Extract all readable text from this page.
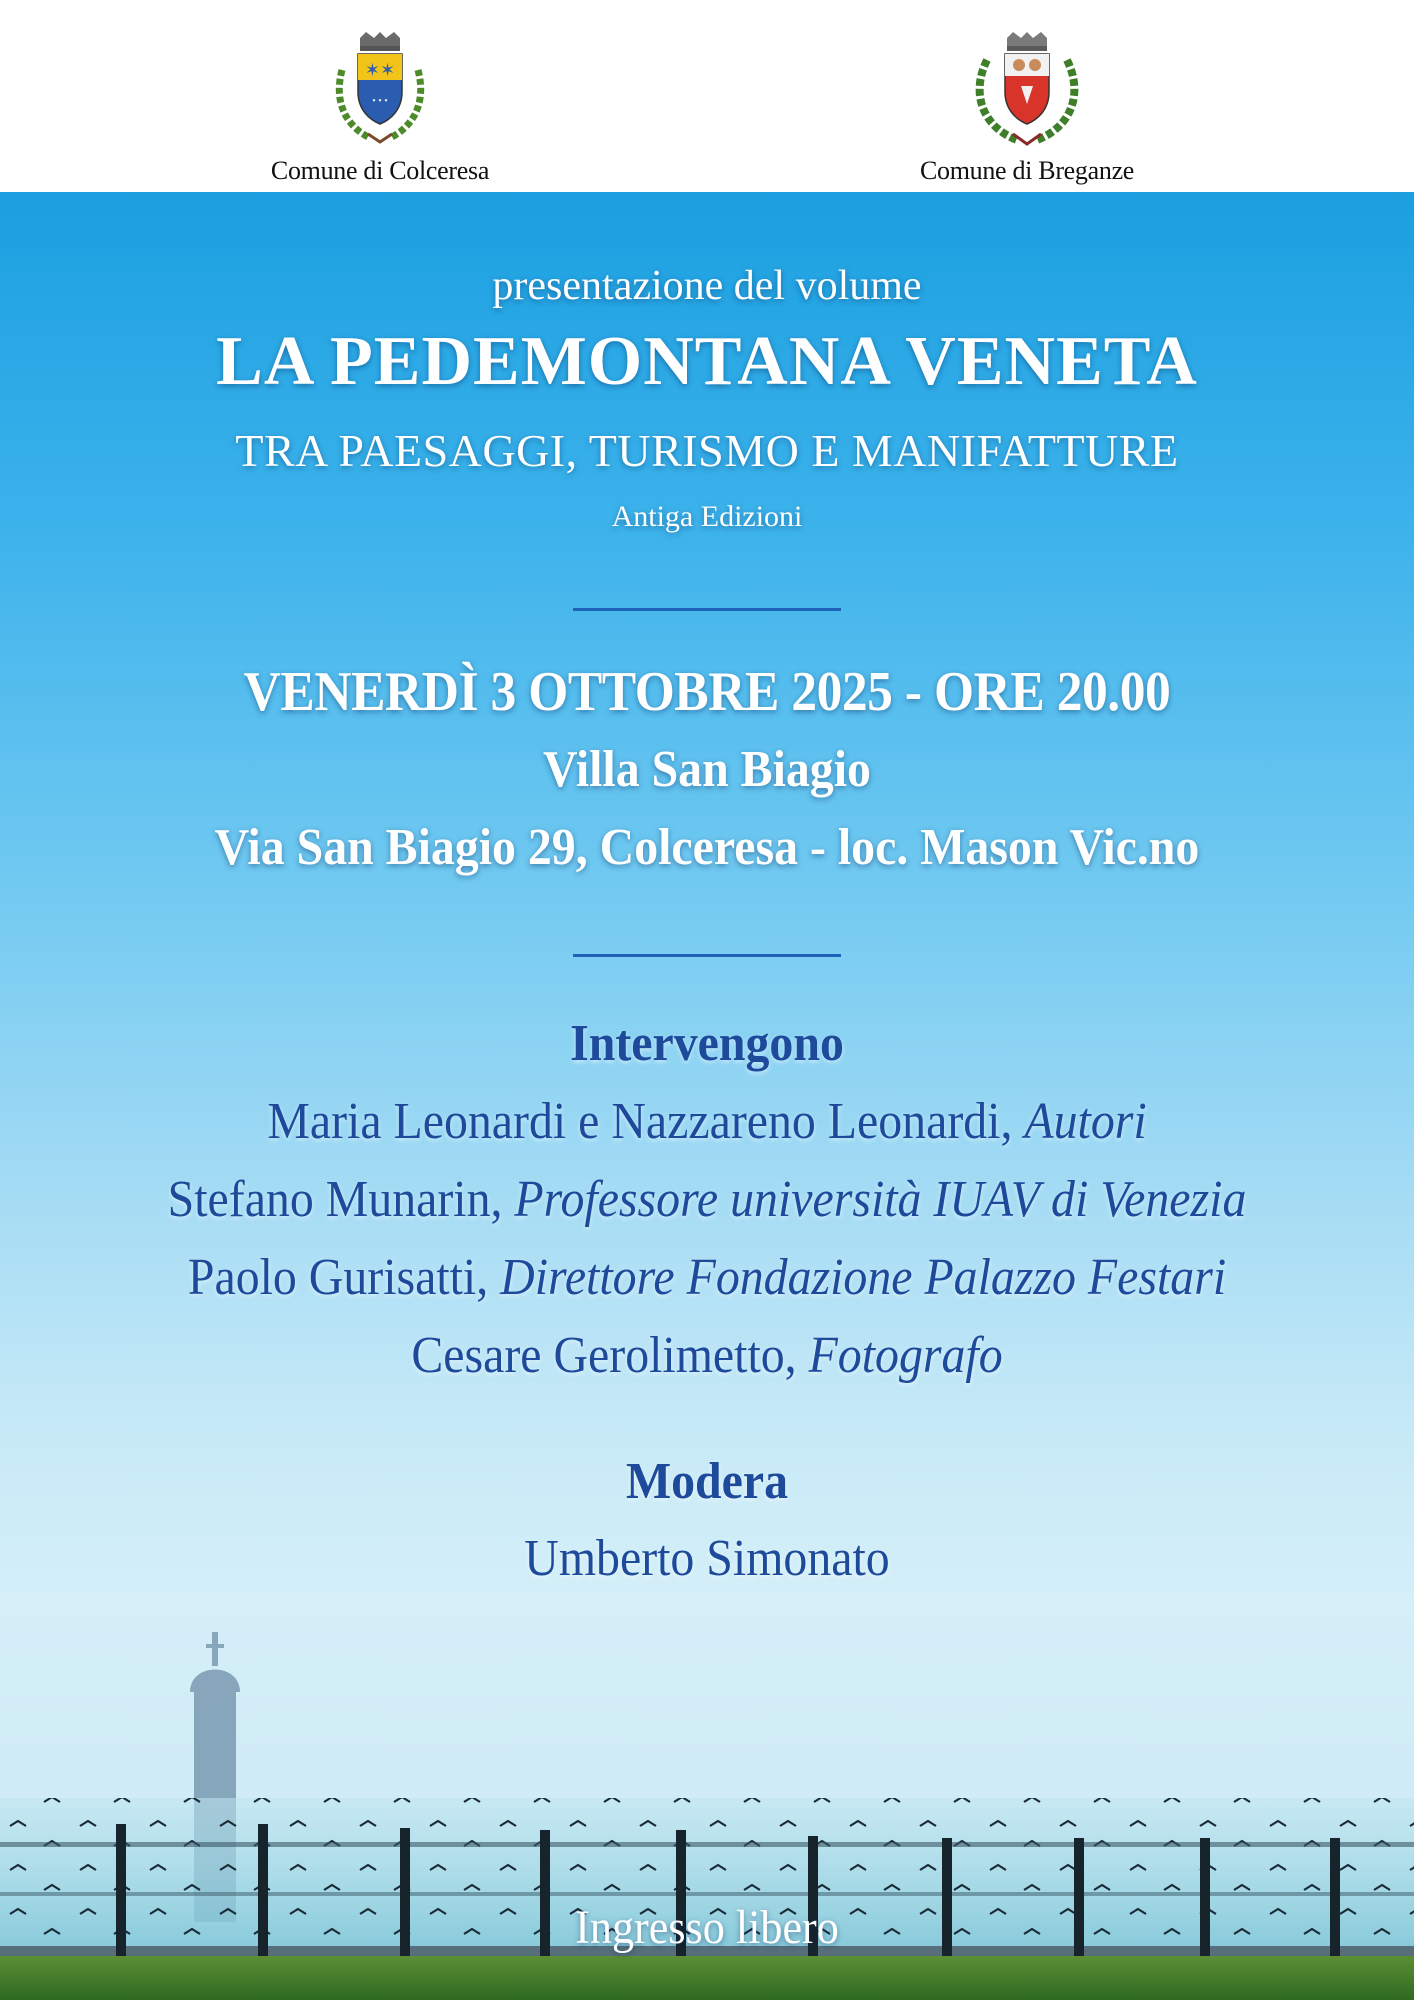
✶✶
• • •
Comune di Colceresa	Comune di Breganze
presentazione del volume
LA PEDEMONTANA VENETA
TRA PAESAGGI, TURISMO E MANIFATTURE
Antiga Edizioni
VENERDÌ 3 OTTOBRE 2025 - ORE 20.00
Villa San Biagio
Via San Biagio 29, Colceresa - loc. Mason Vic.no
Intervengono
Maria Leonardi e Nazzareno Leonardi, Autori
Stefano Munarin, Professore università IUAV di Venezia
Paolo Gurisatti, Direttore Fondazione Palazzo Festari
Cesare Gerolimetto, Fotografo
Modera
Umberto Simonato
Ingresso libero
